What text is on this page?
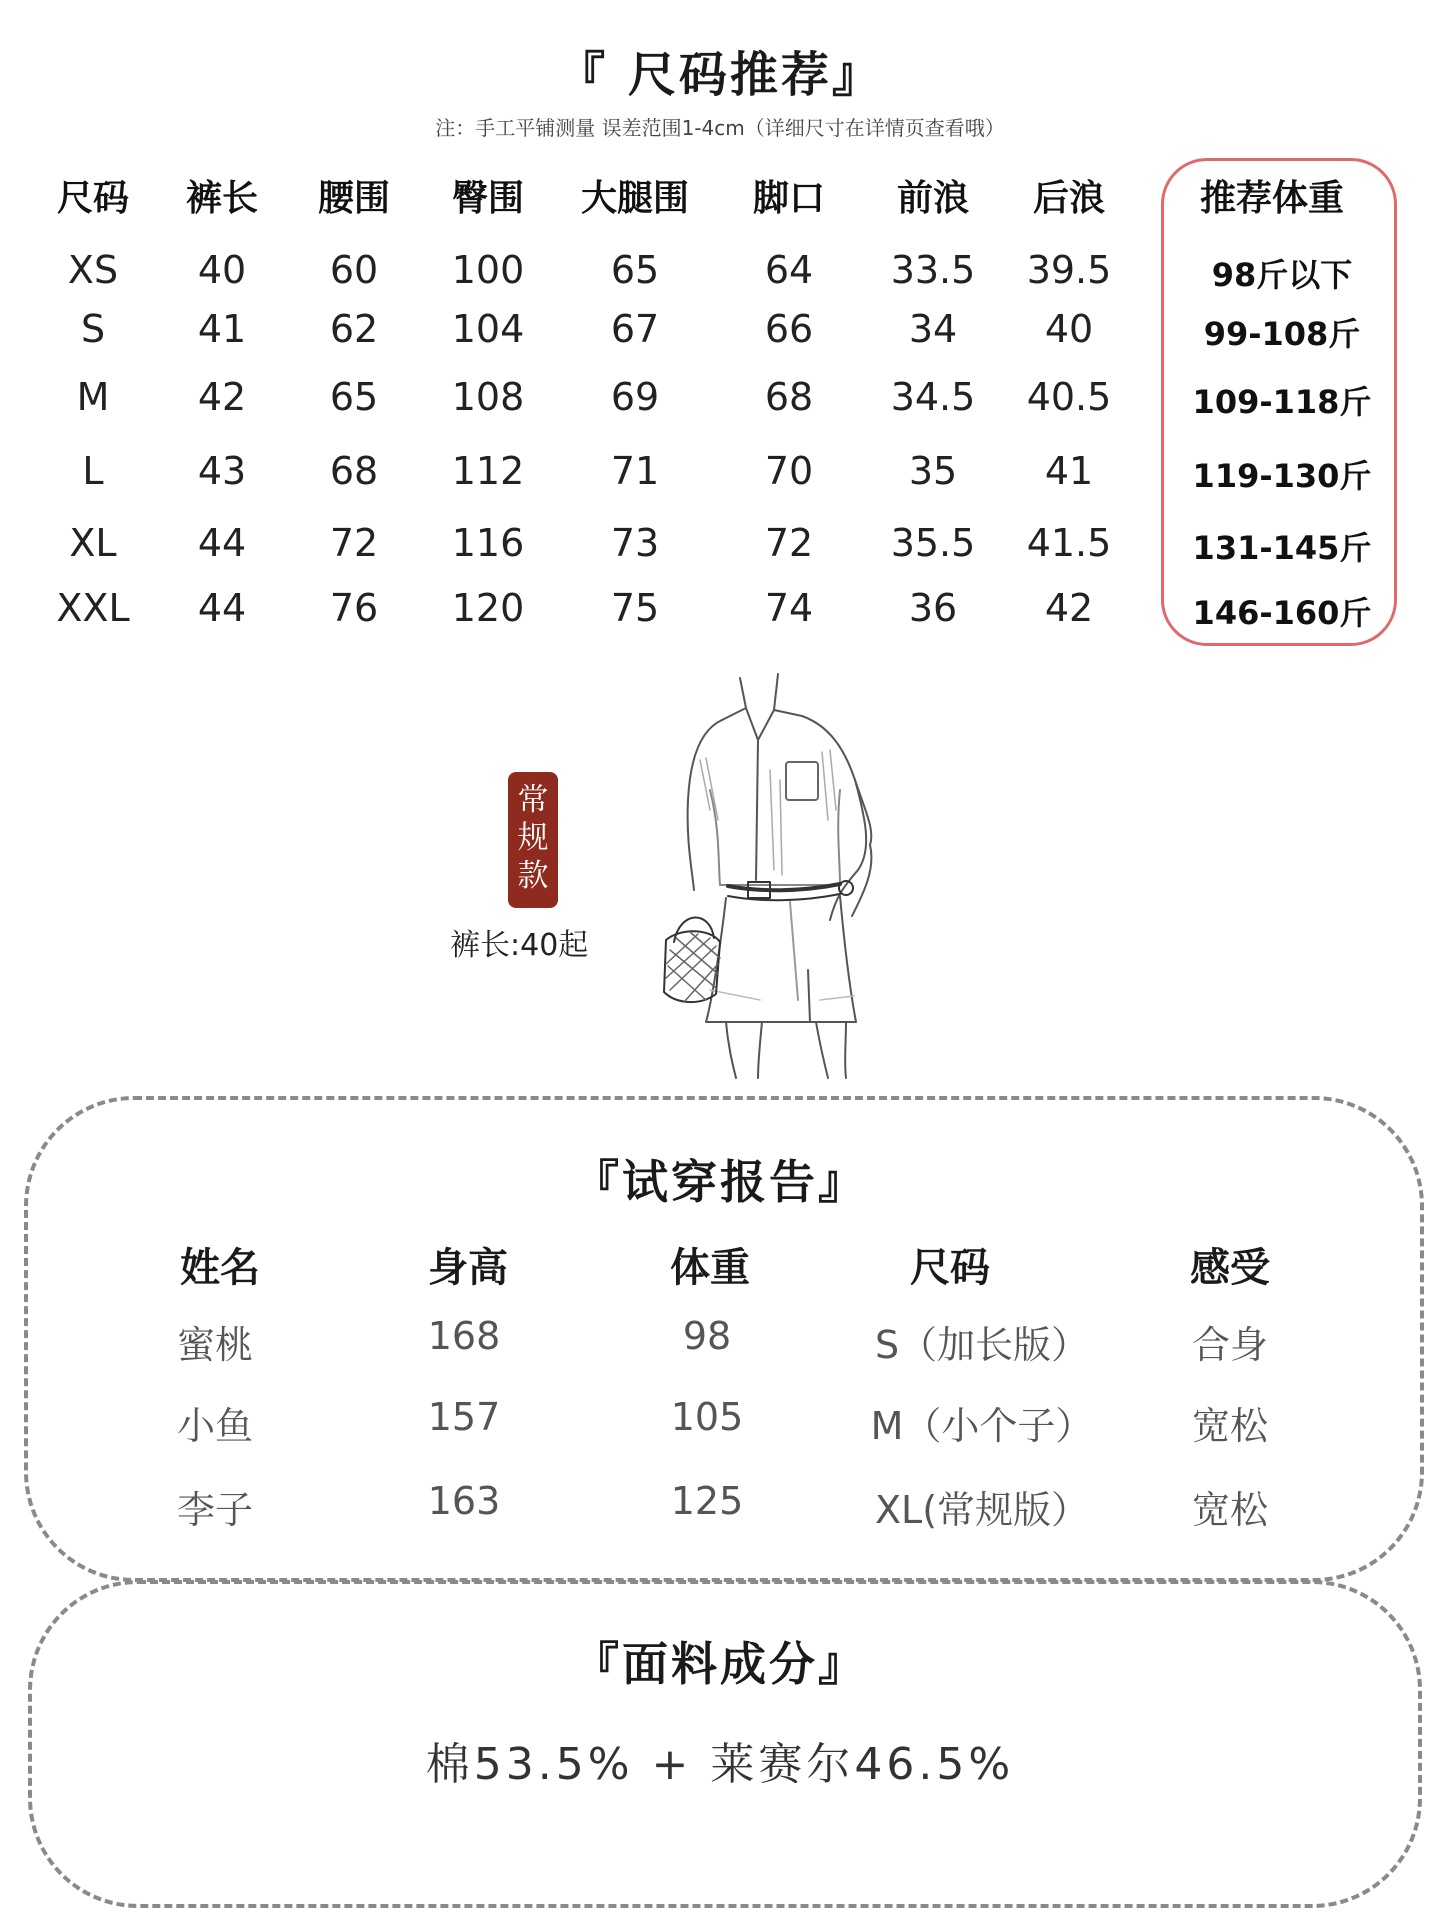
『 尺码推荐』
注：手工平铺测量 误差范围1-4cm（详细尺寸在详情页查看哦）
尺码 裤长 腰围 臀围 大腿围 脚口 前浪 后浪	推荐体重
XS 40 60 100 65	64 33.5 39.5	98斤以下
S 41 62 104 67	66	34 40	99-108斤
M 42 65 108 69	68 34.5 40.5	109-118斤
L 43 68 112 71	70	35 41	119-130斤
XL 44 72 116 73	72 35.5 41.5	131-145斤
XXL 44 76 120 75	74	36 42	146-160斤
常
规
款
裤长:40起
『试穿报告』
姓名	身高	体重	尺码	感受
蜜桃	168	98	S（加长版）	合身
小鱼	157	105	M（小个子）	宽松
李子	163	125	XL(常规版）	宽松
『面料成分』
棉53.5% + 莱赛尔46.5%
